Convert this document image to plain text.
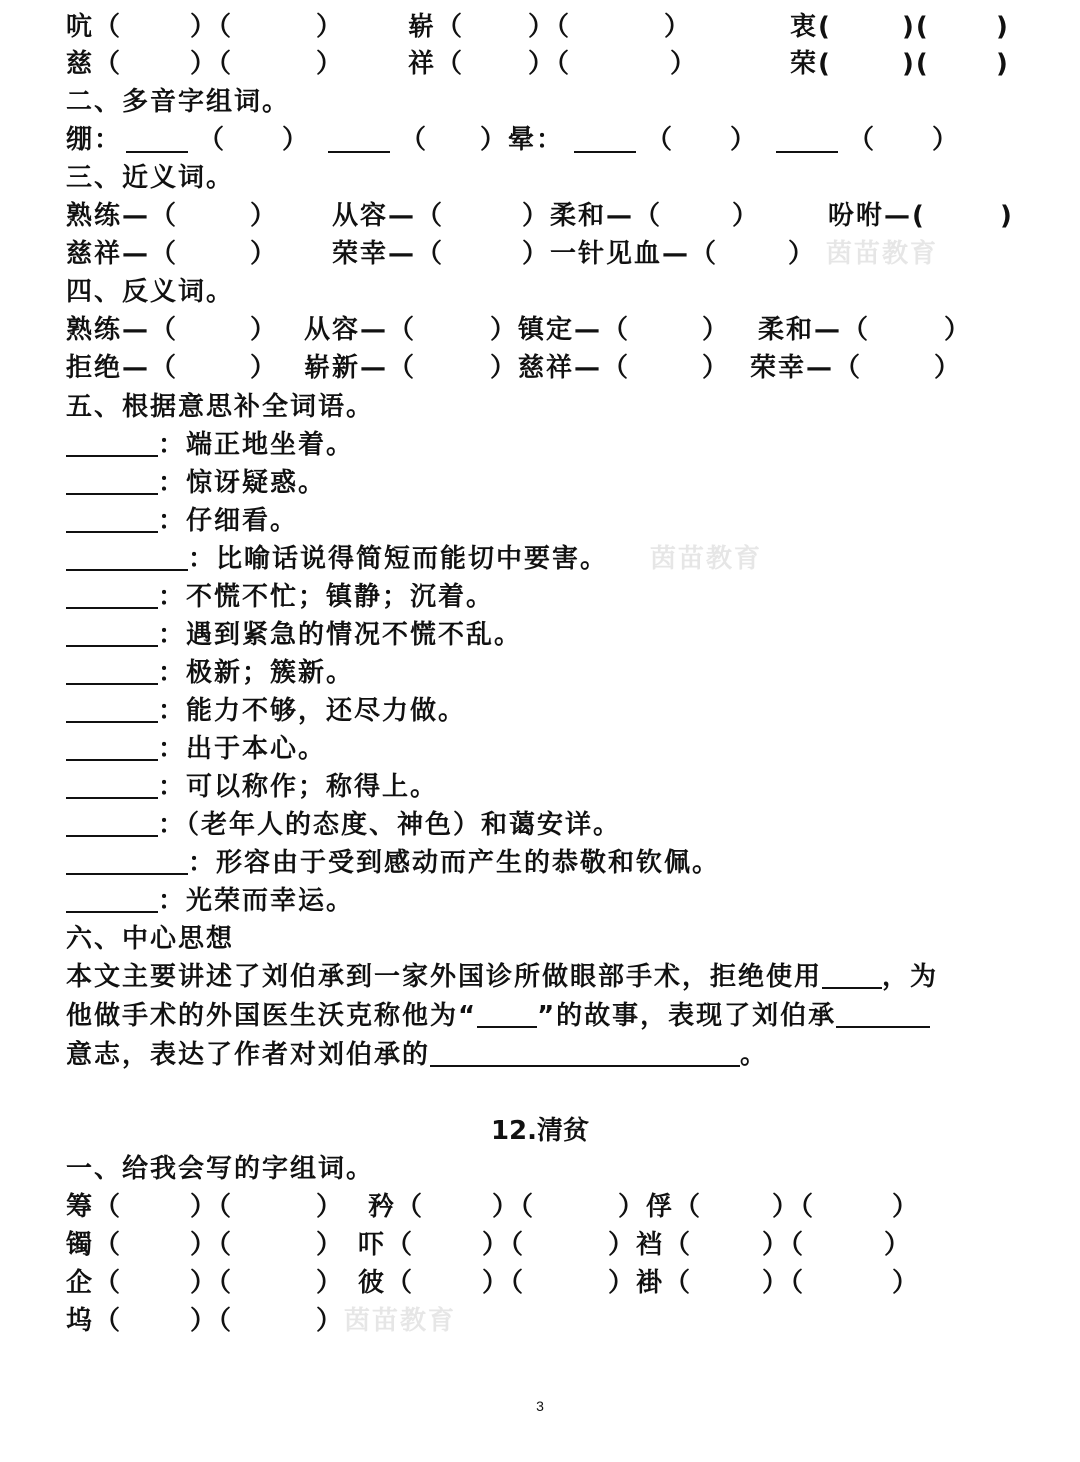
吭（	）（	） 崭（ ）（	）	衷(	)(	)
慈（	）（	） 祥（ ）（	）	荣(	)(	)
二、多音字组词。
绷：	（ ）	（ ）晕：	（ ）	（ ）
三、近义词。
熟练—（	） 从容—（	）柔和—（	）	吩咐—(	)
慈祥—（	） 荣幸—（	）一针见血—（	） 茵苗教育
四、反义词。
熟练—（	） 从容—（	）镇定—（	） 柔和—（	）
拒绝—（	） 崭新—（	）慈祥—（	） 荣幸—（	）
五、根据意思补全词语。
：端正地坐着。
：惊讶疑惑。
：仔细看。
：比喻话说得简短而能切中要害。 茵苗教育
：不慌不忙；镇静；沉着。
：遇到紧急的情况不慌不乱。
：极新；簇新。
：能力不够，还尽力做。
：出于本心。
：可以称作；称得上。
：（老年人的态度、神色）和蔼安详。
：形容由于受到感动而产生的恭敬和钦佩。
：光荣而幸运。
六、中心思想
本文主要讲述了刘伯承到一家外国诊所做眼部手术，拒绝使用 ，为
他做手术的外国医生沃克称他为“ ”的故事，表现了刘伯承
意志，表达了作者对刘伯承的	。
12.清贫
一、给我会写的字组词。
筹（	）（	） 矜（	）（	）俘（	）（	）
镯（	）（	） 吓（	）（	）裆（	）（	）
企（	）（	） 彼（	）（	）褂（	）（	）
坞（	）（	） 茵苗教育
3
